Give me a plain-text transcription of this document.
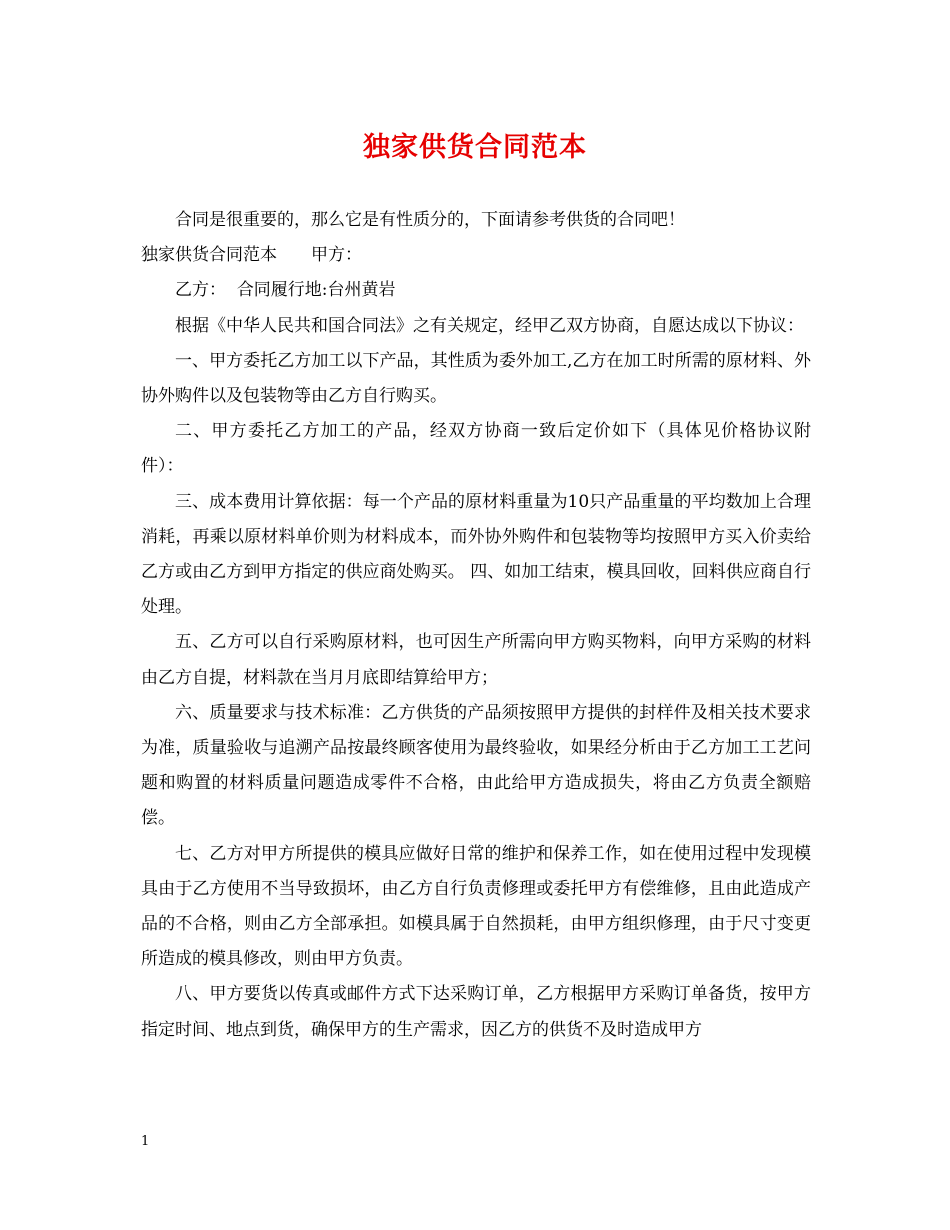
独家供货合同范本

合同是很重要的，那么它是有性质分的，下面请参考供货的合同吧！

独家供货合同范本 甲方：

乙方： 合同履行地:台州黄岩

根据《中华人民共和国合同法》之有关规定，经甲乙双方协商，自愿达成以下协议：

一、甲方委托乙方加工以下产品，其性质为委外加工,乙方在加工时所需的原材料、外协外购件以及包装物等由乙方自行购买。

二、甲方委托乙方加工的产品，经双方协商一致后定价如下（具体见价格协议附件）：

三、成本费用计算依据：每一个产品的原材料重量为10只产品重量的平均数加上合理消耗，再乘以原材料单价则为材料成本，而外协外购件和包装物等均按照甲方买入价卖给乙方或由乙方到甲方指定的供应商处购买。 四、如加工结束，模具回收，回料供应商自行处理。

五、乙方可以自行采购原材料，也可因生产所需向甲方购买物料，向甲方采购的材料由乙方自提，材料款在当月月底即结算给甲方；

六、质量要求与技术标准：乙方供货的产品须按照甲方提供的封样件及相关技术要求为准，质量验收与追溯产品按最终顾客使用为最终验收，如果经分析由于乙方加工工艺问题和购置的材料质量问题造成零件不合格，由此给甲方造成损失，将由乙方负责全额赔偿。

七、乙方对甲方所提供的模具应做好日常的维护和保养工作，如在使用过程中发现模具由于乙方使用不当导致损坏，由乙方自行负责修理或委托甲方有偿维修，且由此造成产品的不合格，则由乙方全部承担。如模具属于自然损耗，由甲方组织修理，由于尺寸变更所造成的模具修改，则由甲方负责。

八、甲方要货以传真或邮件方式下达采购订单，乙方根据甲方采购订单备货，按甲方指定时间、地点到货，确保甲方的生产需求，因乙方的供货不及时造成甲方

1
